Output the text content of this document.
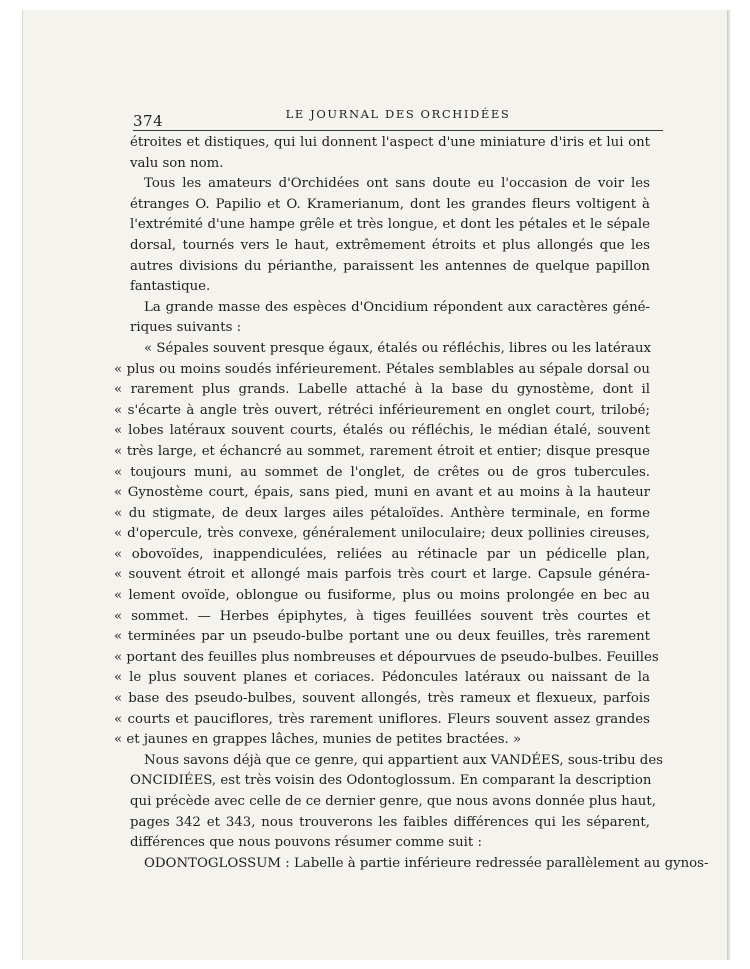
374	LE JOURNAL DES ORCHIDÉES
étroites et distiques, qui lui donnent l'aspect d'une miniature d'iris et lui ont
valu son nom.
Tous les amateurs d'Orchidées ont sans doute eu l'occasion de voir les
étranges O. Papilio et O. Kramerianum, dont les grandes fleurs voltigent à
l'extrémité d'une hampe grêle et très longue, et dont les pétales et le sépale
dorsal, tournés vers le haut, extrêmement étroits et plus allongés que les
autres divisions du périanthe, paraissent les antennes de quelque papillon
fantastique.
La grande masse des espèces d'Oncidium répondent aux caractères géné-
riques suivants :
« Sépales souvent presque égaux, étalés ou réfléchis, libres ou les latéraux
« plus ou moins soudés inférieurement. Pétales semblables au sépale dorsal ou
« rarement plus grands. Labelle attaché à la base du gynostème, dont il
« s'écarte à angle très ouvert, rétréci inférieurement en onglet court, trilobé;
« lobes latéraux souvent courts, étalés ou réfléchis, le médian étalé, souvent
« très large, et échancré au sommet, rarement étroit et entier; disque presque
« toujours muni, au sommet de l'onglet, de crêtes ou de gros tubercules.
« Gynostème court, épais, sans pied, muni en avant et au moins à la hauteur
« du stigmate, de deux larges ailes pétaloïdes. Anthère terminale, en forme
« d'opercule, très convexe, généralement uniloculaire; deux pollinies cireuses,
« obovoïdes, inappendiculées, reliées au rétinacle par un pédicelle plan,
« souvent étroit et allongé mais parfois très court et large. Capsule généra-
« lement ovoïde, oblongue ou fusiforme, plus ou moins prolongée en bec au
« sommet. — Herbes épiphytes, à tiges feuillées souvent très courtes et
« terminées par un pseudo-bulbe portant une ou deux feuilles, très rarement
« portant des feuilles plus nombreuses et dépourvues de pseudo-bulbes. Feuilles
« le plus souvent planes et coriaces. Pédoncules latéraux ou naissant de la
« base des pseudo-bulbes, souvent allongés, très rameux et flexueux, parfois
« courts et pauciflores, très rarement uniflores. Fleurs souvent assez grandes
« et jaunes en grappes lâches, munies de petites bractées. »
Nous savons déjà que ce genre, qui appartient aux VANDÉES, sous-tribu des
ONCIDIÉES, est très voisin des Odontoglossum. En comparant la description
qui précède avec celle de ce dernier genre, que nous avons donnée plus haut,
pages 342 et 343, nous trouverons les faibles différences qui les séparent,
différences que nous pouvons résumer comme suit :
ODONTOGLOSSUM : Labelle à partie inférieure redressée parallèlement au gynos-
